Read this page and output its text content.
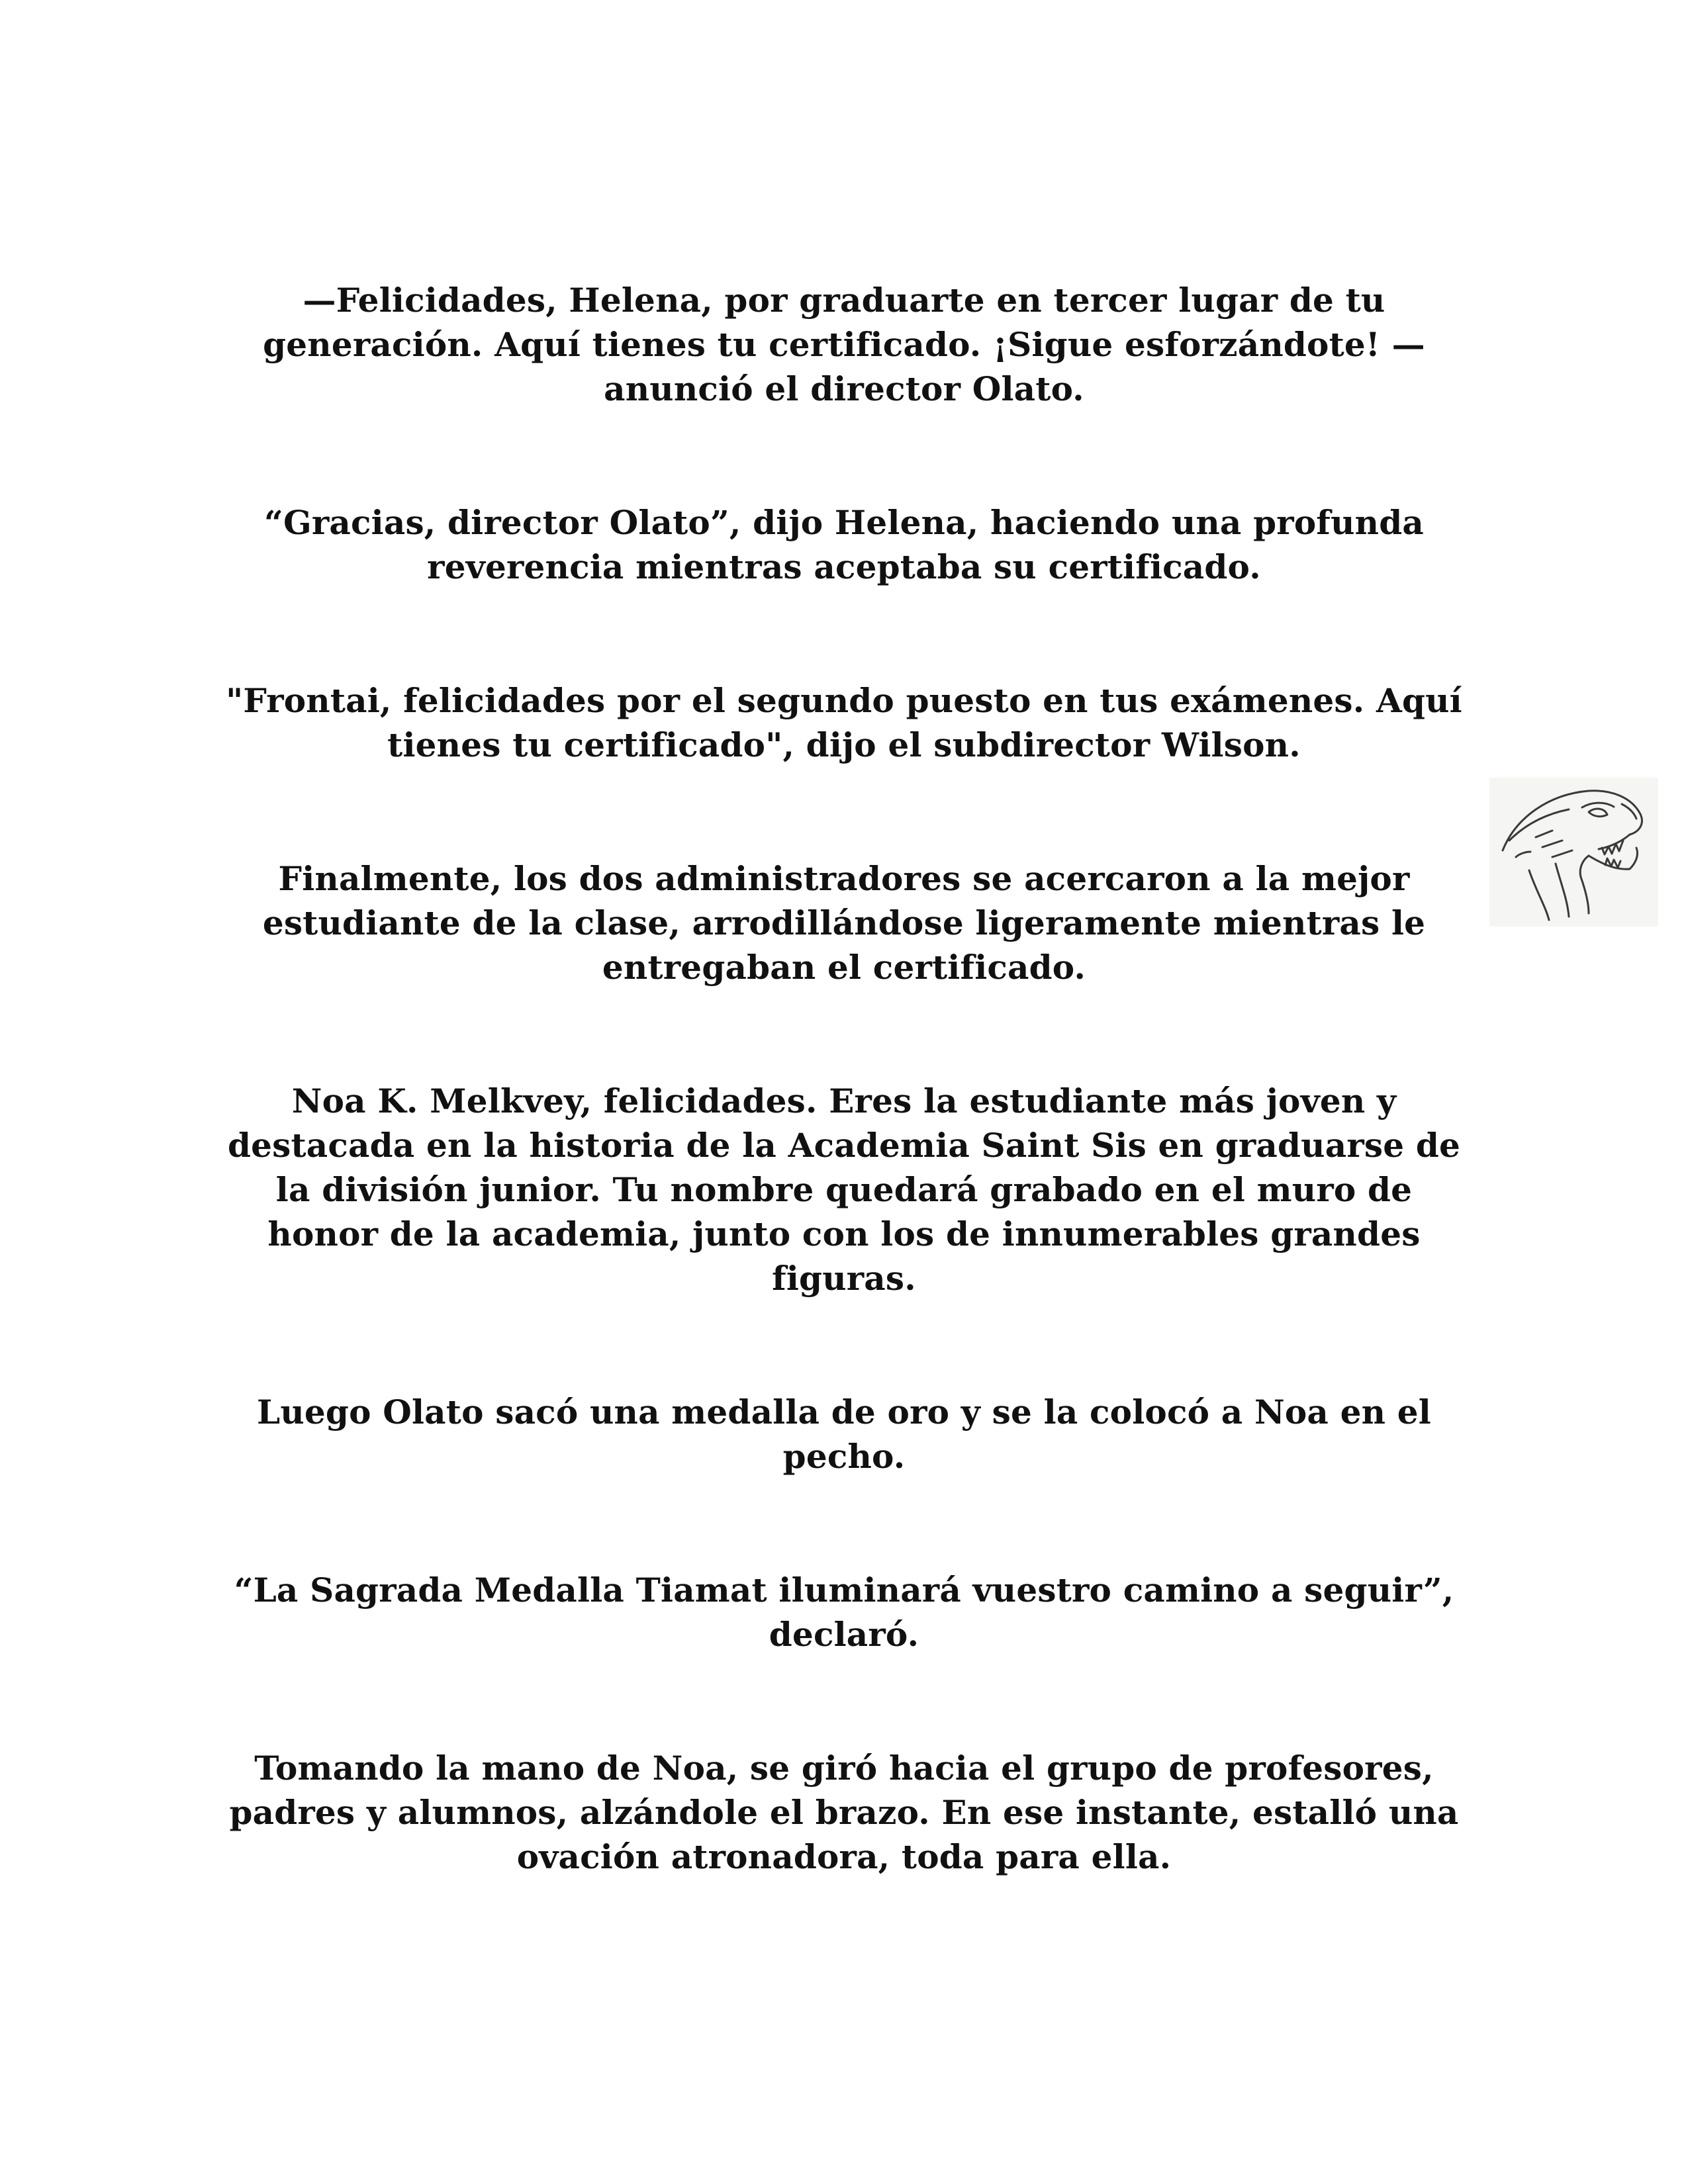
—Felicidades, Helena, por graduarte en tercer lugar de tu generación. Aquí tienes tu certificado. ¡Sigue esforzándote! —anunció el director Olato.

“Gracias, director Olato”, dijo Helena, haciendo una profunda reverencia mientras aceptaba su certificado.

"Frontai, felicidades por el segundo puesto en tus exámenes. Aquí tienes tu certificado", dijo el subdirector Wilson.

Finalmente, los dos administradores se acercaron a la mejor estudiante de la clase, arrodillándose ligeramente mientras le entregaban el certificado.

Noa K. Melkvey, felicidades. Eres la estudiante más joven y destacada en la historia de la Academia Saint Sis en graduarse de la división junior. Tu nombre quedará grabado en el muro de honor de la academia, junto con los de innumerables grandes figuras.

Luego Olato sacó una medalla de oro y se la colocó a Noa en el pecho.

“La Sagrada Medalla Tiamat iluminará vuestro camino a seguir”, declaró.

Tomando la mano de Noa, se giró hacia el grupo de profesores, padres y alumnos, alzándole el brazo. En ese instante, estalló una ovación atronadora, toda para ella.
